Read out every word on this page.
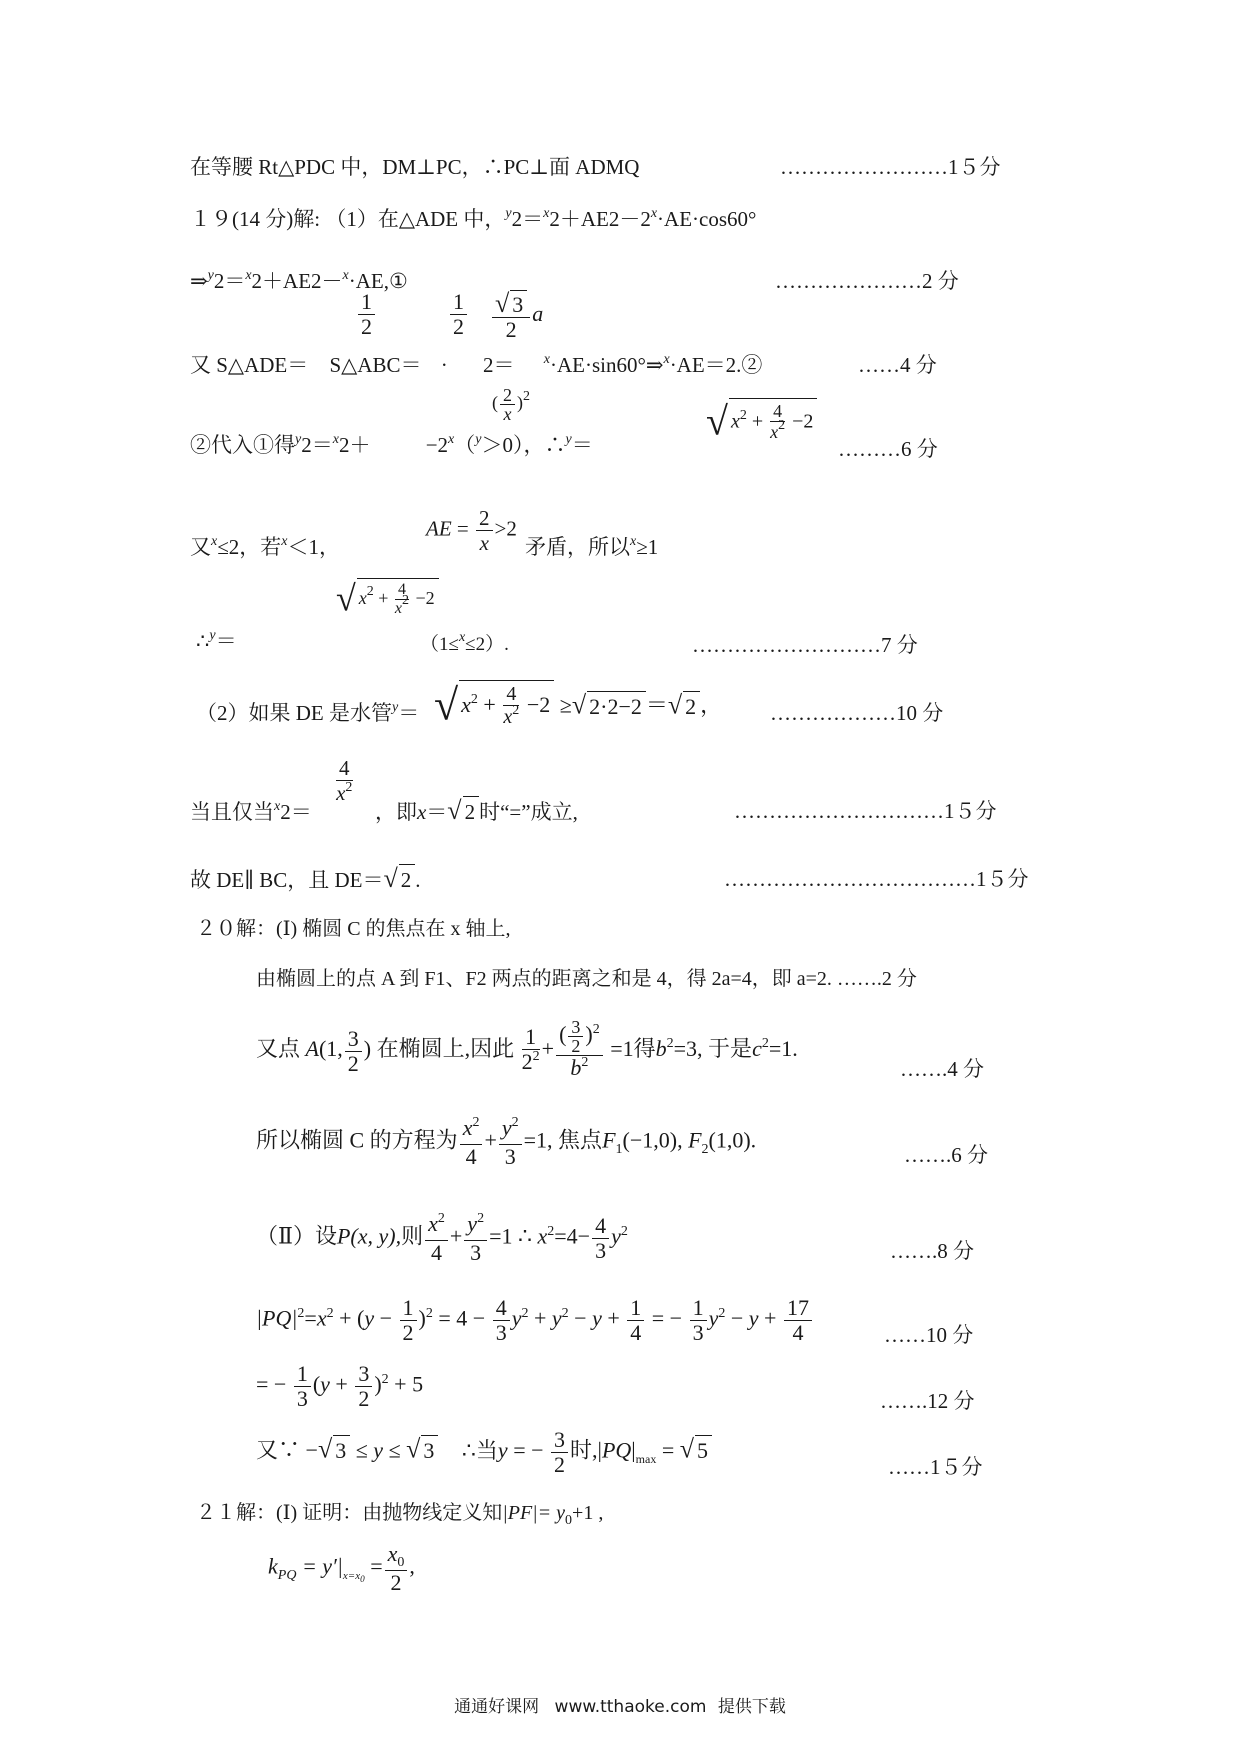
在等腰 Rt△PDC 中，DM⊥PC，∴PC⊥面 ADMQ	……………………1５分
１９(14 分)解: （1）在△ADE 中，$^y2=^x2+AE2-2^x\cdot AE\cdot\cos 60^\circ$
⇒$^y$2＝$^x$2＋AE2－$^x$·AE,①	…………………2 分
$\frac{1}{2}$	$\frac{1}{2} \frac{√ 3}{2}$ a
又 S△ADE＝ S△ABC＝ · 2＝ $^x$·AE·sin60°⇒$^x$·AE＝2.②	……4 分
( $\frac{2}{x} )^2$
②代入①得$^y$2＝$^x$2＋	$-2^x(^y>0)$，∴$^y$＝
√ $x^2 + \frac{4}{x^2} -2$
………6 分
又$^x$≤2，若$^x$＜1，
AE = $\frac{2}{x} >2$
矛盾，所以$^x$≥1
√ $x^2 + \frac{4}{x2} -2$
∴$^y$＝	（1≤$^x$≤2）.	………………………7 分
（2）如果 DE 是水管$^y$＝ √ $x^2 + \frac{4}{x^2} -2$ ≥√ 2·2−2 ＝√ 2 ， ………………10 分
$\frac{4}{x^2}$
当且仅当$^x$2＝	，即x＝√ 2 时“=”成立,	…………………………1５分
故 DE∥ BC，且 DE＝√ 2 .	………………………………1５分
２０解：(Ⅰ) 椭圆 C 的焦点在 x 轴上,
由椭圆上的点 A 到 F1、F2 两点的距离之和是 4，得 2a=4，即 a=2. …….2 分
又点 A(1, $\frac{3}{2}$ ) 在椭圆上,因此 $\frac{1}{2^2} + \frac{( \frac{3}{2} )^2}{b^2} =1$得$b^2=3$, 于是$c^2=1$.
…….4 分
所以椭圆 C 的方程为 $\frac{x^2}{4} + \frac{y^2}{3} =1$, 焦点$F_1(-1,0)$, $F_2(1,0)$.
…….6 分
（Ⅱ）设P(x, y),则 $\frac{x^2}{4} + \frac{y^2}{3} =1$ ∴ $x^2=4- \frac{4}{3} y^2$
…….8 分
$|PQ|^2=x^2 + (y - \frac{1}{2} )^2 = 4 - \frac{4}{3} y^2 + y^2 - y + \frac{1}{4}$ = − $\frac{1}{3} y^2 - y + \frac{17}{4}$	……10 分
= − $\frac{1}{3} (y + \frac{3}{2} )^2 + 5$
…….12 分
又∵ −√ 3 ≤ y ≤ √ 3 ∴当y = − $\frac{3}{2}$ 时$,|PQ|_{max}$ = √ 5
……1５分
２１解：(Ⅰ) 证明：由抛物线定义知$|PF|= y_0+1$ ,
$k_{PQ} = y'|_{x=x_0} = \frac{x_0}{2}$ ,
通通好课网 www.tthaoke.com 提供下载
